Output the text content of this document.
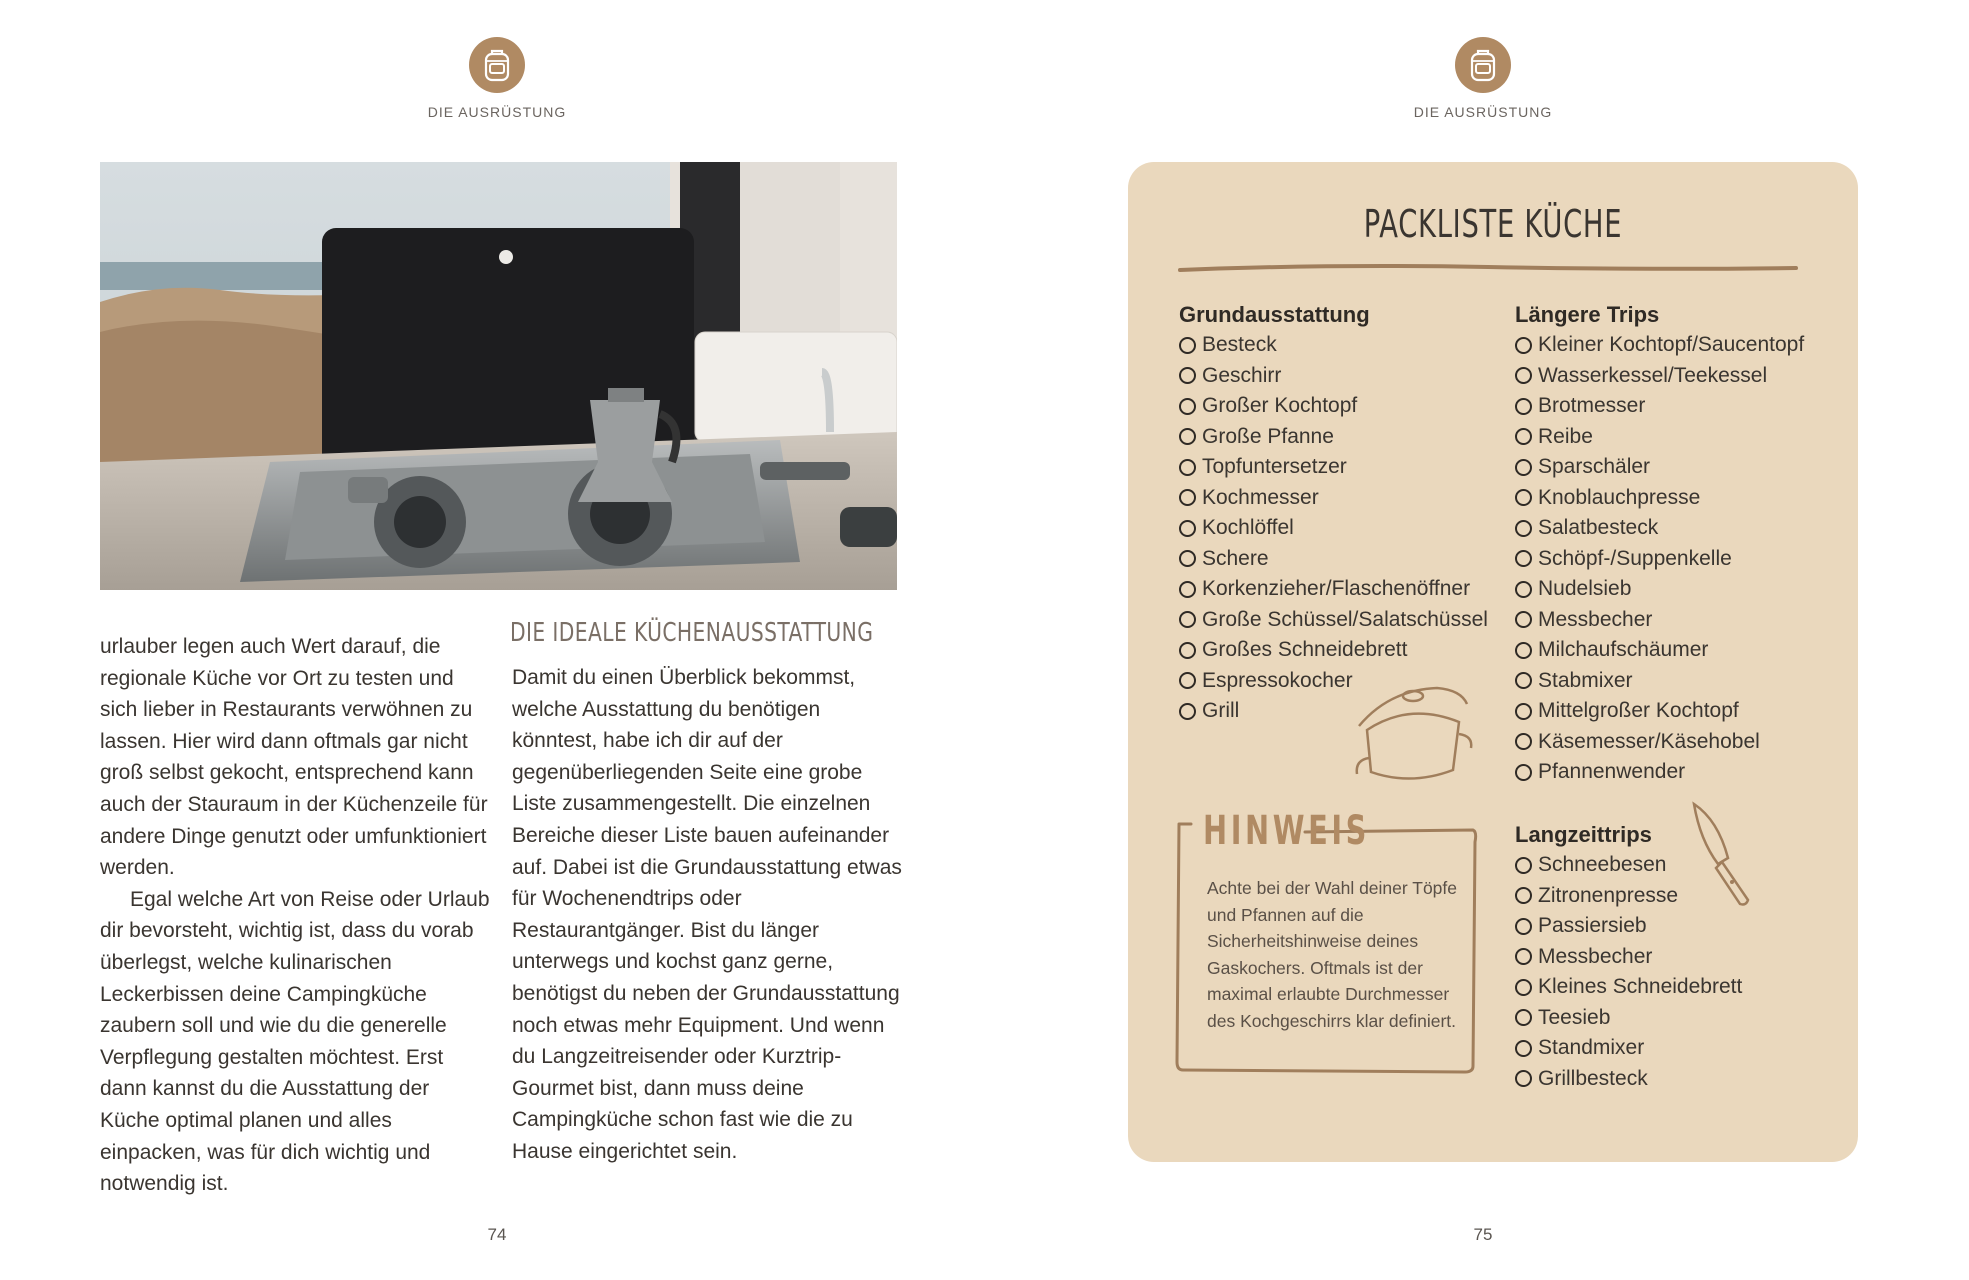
DIE AUSRÜSTUNG

urlauber legen auch Wert darauf, die regionale Küche vor Ort zu testen und sich lieber in Restaurants verwöhnen zu lassen. Hier wird dann oftmals gar nicht groß selbst gekocht, entsprechend kann auch der Stauraum in der Küchenzeile für andere Dinge genutzt oder umfunktioniert werden.

Egal welche Art von Reise oder Urlaub dir bevorsteht, wichtig ist, dass du vorab überlegst, welche kulinarischen Leckerbissen deine Campingküche zaubern soll und wie du die generelle Verpflegung gestalten möchtest. Erst dann kannst du die Ausstattung der Küche optimal planen und alles einpacken, was für dich wichtig und notwendig ist.

DIE IDEALE KÜCHENAUSSTATTUNG

Damit du einen Überblick bekommst, welche Ausstattung du benötigen könntest, habe ich dir auf der gegenüberliegenden Seite eine grobe Liste zusammengestellt. Die einzelnen Bereiche dieser Liste bauen aufeinander auf. Dabei ist die Grundausstattung etwas für Wochenendtrips oder Restaurantgänger. Bist du länger unterwegs und kochst ganz gerne, benötigst du neben der Grundausstattung noch etwas mehr Equipment. Und wenn du Langzeitreisender oder Kurztrip-Gourmet bist, dann muss deine Campingküche schon fast wie die zu Hause eingerichtet sein.

74
DIE AUSRÜSTUNG
PACKLISTE KÜCHE
Grundausstattung
Besteck
Geschirr
Großer Kochtopf
Große Pfanne
Topfuntersetzer
Kochmesser
Kochlöffel
Schere
Korkenzieher/Flaschenöffner
Große Schüssel/Salatschüssel
Großes Schneidebrett
Espressokocher
Grill
Längere Trips
Kleiner Kochtopf/Saucentopf
Wasserkessel/Teekessel
Brotmesser
Reibe
Sparschäler
Knoblauchpresse
Salatbesteck
Schöpf-/Suppenkelle
Nudelsieb
Messbecher
Milchaufschäumer
Stabmixer
Mittelgroßer Kochtopf
Käsemesser/Käsehobel
Pfannenwender
Langzeittrips
Schneebesen
Zitronenpresse
Passiersieb
Messbecher
Kleines Schneidebrett
Teesieb
Standmixer
Grillbesteck
HINWEIS
Achte bei der Wahl deiner Töpfe und Pfannen auf die Sicherheitshinweise deines Gaskochers. Oftmals ist der maximal erlaubte Durchmesser des Kochgeschirrs klar definiert.
75
